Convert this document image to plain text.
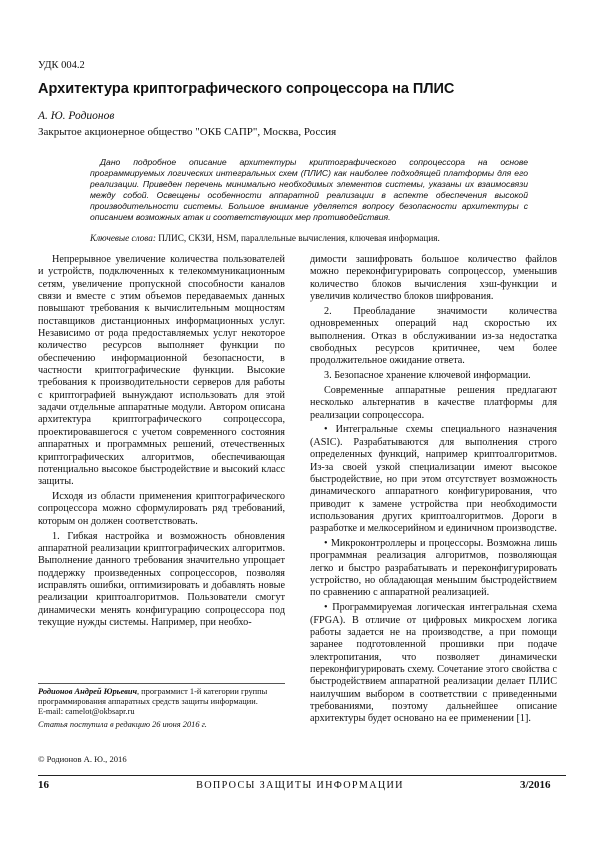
УДК 004.2
Архитектура криптографического сопроцессора на ПЛИС
А. Ю. Родионов
Закрытое акционерное общество "ОКБ САПР", Москва, Россия

Дано подробное описание архитектуры криптографического сопроцессора на основе программируемых логических интегральных схем (ПЛИС) как наиболее подходящей платформы для его реализации. Приведен перечень минимально необходимых элементов системы, указаны их взаимосвязи между собой. Освещены особенности аппаратной реализации в аспекте обеспечения высокой производительности системы. Большое внимание уделяется вопросу безопасности архитектуры с описанием возможных атак и соответствующих мер противодействия.

Ключевые слова: ПЛИС, СКЗИ, HSM, параллельные вычисления, ключевая информация.

Непрерывное увеличение количества пользователей и устройств, подключенных к телекоммуникационным сетям, увеличение пропускной способности каналов связи и вместе с этим объемов передаваемых данных повышают требования к вычислительным мощностям поставщиков дистанционных информационных услуг. Независимо от рода предоставляемых услуг некоторое количество ресурсов выполняет функции по обеспечению информационной безопасности, в частности криптографические функции. Высокие требования к производительности серверов для работы с криптографией вынуждают использовать для этой задачи отдельные аппаратные модули. Автором описана архитектура криптографического сопроцессора, проектировавшегося с учетом современного состояния аппаратных и программных решений, отечественных криптографических алгоритмов, обеспечивающая потенциально высокое быстродействие и высокий класс защиты.

Исходя из области применения криптографического сопроцессора можно сформулировать ряд требований, которым он должен соответствовать.

1. Гибкая настройка и возможность обновления аппаратной реализации криптографических алгоритмов. Выполнение данного требования значительно упрощает поддержку произведенных сопроцессоров, позволяя исправлять ошибки, оптимизировать и добавлять новые реализации криптоалгоритмов. Пользователи смогут динамически менять конфигурацию сопроцессора под текущие нужды системы. Например, при необхо-

димости зашифровать большое количество файлов можно переконфигурировать сопроцессор, уменьшив количество блоков вычисления хэш-функции и увеличив количество блоков шифрования.

2. Преобладание значимости количества одновременных операций над скоростью их выполнения. Отказ в обслуживании из-за недостатка свободных ресурсов критичнее, чем более продолжительное ожидание ответа.

3. Безопасное хранение ключевой информации.

Современные аппаратные решения предлагают несколько альтернатив в качестве платформы для реализации сопроцессора.

• Интегральные схемы специального назначения (ASIC). Разрабатываются для выполнения строго определенных функций, например криптоалгоритмов. Из-за своей узкой специализации имеют высокое быстродействие, но при этом отсутствует возможность динамического аппаратного конфигурирования, что приводит к замене устройства при необходимости использования других криптоалгоритмов. Дороги в разработке и мелкосерийном и единичном производстве.

• Микроконтроллеры и процессоры. Возможна лишь программная реализация алгоритмов, позволяющая легко и быстро разрабатывать и переконфигурировать устройство, но обладающая меньшим быстродействием по сравнению с аппаратной реализацией.

• Программируемая логическая интегральная схема (FPGA). В отличие от цифровых микросхем логика работы задается не на производстве, а при помощи заранее подготовленной прошивки при подаче электропитания, что позволяет динамически переконфигурировать схему. Сочетание этого свойства с быстродействием аппаратной реализации делает ПЛИС наилучшим выбором в соответствии с приведенными требованиями, поэтому дальнейшее описание архитектуры будет основано на ее применении [1].

Родионов Андрей Юрьевич, программист 1-й категории группы программирования аппаратных средств защиты информации.

E-mail: camelot@okbsapr.ru

Статья поступила в редакцию 26 июня 2016 г.

© Родионов А. Ю., 2016
16	ВОПРОСЫ ЗАЩИТЫ ИНФОРМАЦИИ	3/2016
